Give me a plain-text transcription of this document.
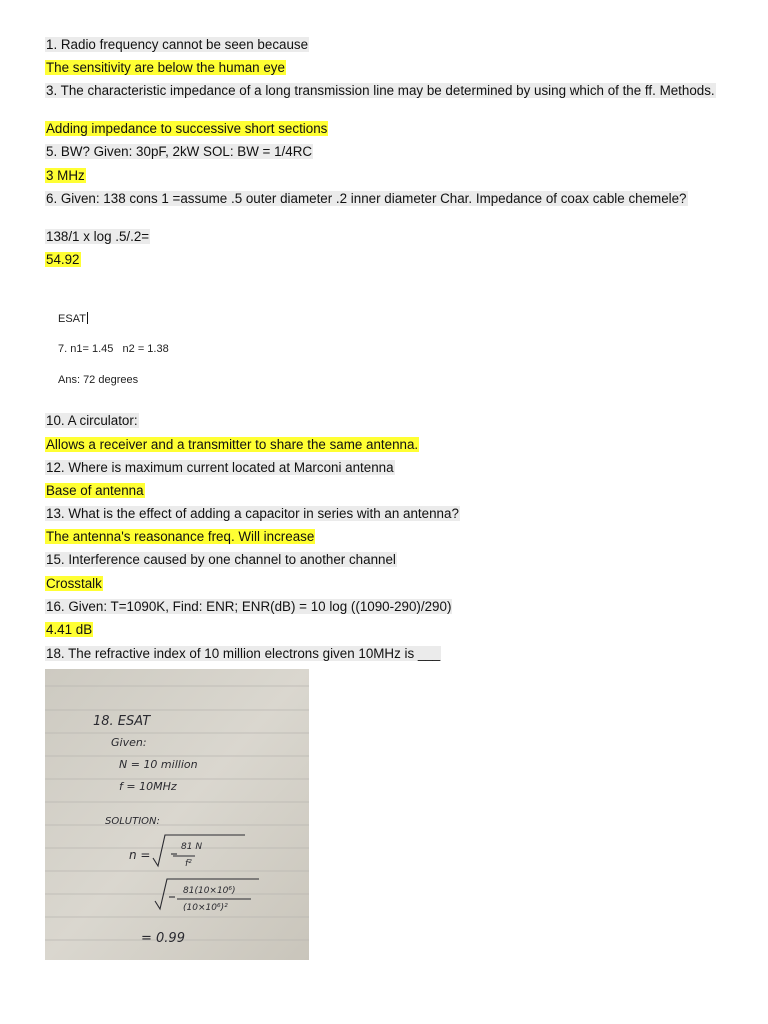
1. Radio frequency cannot be seen because
The sensitivity are below the human eye
3. The characteristic impedance of a long transmission line may be determined by using which of the ff. Methods.
Adding impedance to successive short sections
5. BW? Given: 30pF, 2kW SOL: BW = 1/4RC
3 MHz
6. Given: 138 cons 1 =assume .5 outer diameter .2 inner diameter Char. Impedance of coax cable chemele?
138/1 x log .5/.2=
54.92
ESAT
7. n1= 1.45   n2 = 1.38
Ans: 72 degrees
10. A circulator:
Allows a receiver and a transmitter to share the same antenna.
12. Where is maximum current located at Marconi antenna
Base of antenna
13. What is the effect of adding a capacitor in series with an antenna?
The antenna's reasonance freq. Will increase
15. Interference caused by one channel to another channel
Crosstalk
16. Given: T=1090K, Find: ENR; ENR(dB) = 10 log ((1090-290)/290)
4.41 dB
18. The refractive index of 10 million electrons given 10MHz is ___
18. ESAT
Given:
N = 10 million
f = 10MHz
SOLUTION:
n =
81 N
f²
81(10×10⁶)
(10×10⁶)²
= 0.99
